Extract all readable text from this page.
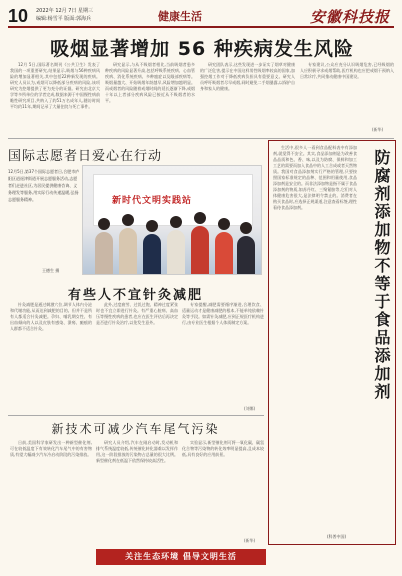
10 2022年 12月 7日 星期三
编辑:杨雪平 版面:郭海兵	健康生活	安徽科技报
吸烟显著增加 56 种疾病发生风险

12月 5日,国际著名期刊《公共卫生》发表了我国的一项重要研究,结果显示,吸烟与56种疾病风险的增加显著相关,其中包括22种新发现的疾病。研究人员认为,戒烟可以降低部分疾病的风险,该项研究为控烟提供了更为充分的证据。研究由北京大学等多所单位的学者完成,数据来源于中国慢性病前瞻性研究项目,共纳入了约51万名成年人,随访时间平均约11年,期间记录了大量住院与死亡事件。

研究显示,与从不吸烟者相比,当前吸烟者患多种疾病的风险显著升高,包括呼吸系统疾病、心血管疾病、消化系统疾病、多种癌症以及眼部疾病等。吸烟量越大、开始吸烟年龄越早,风险增加越明显。而戒烟者的风险随着戒烟时间的延长逐渐下降,戒烟十年以上者部分疾病风险已接近从不吸烟者的水平。

研究团队表示,这些发现进一步证实了烟草对健康的广泛危害,提示在中国这样男性吸烟率较高的国家,加强控烟工作对于降低疾病负担具有重要意义。研究人员呼吁吸烟者尽早戒烟,同时避免二手烟暴露,以保护自身和家人的健康。

专家建议,公众应充分认识吸烟危害,已经吸烟的人应积极寻求戒烟帮助,医疗机构也应把戒烟干预纳入日常诊疗,共同推动健康中国建设。

(新华)
国际志愿者日爱心在行动
12月5日,第37个国际志愿者日,合肥市庐阳区逍遥津街道开展志愿服务活动,志愿者们走进社区,为居民提供健康咨询、义务理发等服务,用实际行动传递温暖,弘扬志愿服务精神。
王德生 摄
新时代文明实践站
有些人不宜针灸减肥

针灸减肥是通过刺激穴位,调节人体内分泌和代谢功能,从而达到减肥的目的。但并不是所有人都适合针灸减肥。孕妇、哺乳期女性、有出血倾向的人以及皮肤有感染、溃疡、瘢痕的人群都不适合针灸。

此外,过度疲劳、过饥过饱、精神过度紧张时也不宜立即进行针灸。有严重心脏病、高血压等慢性疾病的患者,也应在医生评估后再决定是否进行针灸治疗,以免发生意外。

专家提醒,减肥需要循序渐进,合理饮食、适量运动才是健康减肥的根本,不能单纯依赖针灸等手段。如需针灸减肥,应到正规医疗机构进行,由专业医生根据个人体质制定方案。

(刘娜)
新技术可减少汽车尾气污染

日前,美国科学家研发出一种新型催化剂,可在较低温度下有效转化汽车尾气中的有害物质,有望大幅减少汽车冷启动阶段的污染排放。

研究人员介绍,汽车在刚启动时,发动机和排气系统温度较低,传统催化转化器难以发挥作用,这一阶段排放的污染物占总量的很大比例。新型催化剂在低温下依然保持较高活性。

实验显示,新型催化剂可将一氧化碳、碳氢化合物等污染物的转化效率明显提高,且成本较低,具有良好的应用前景。

(新华)

生活中,很多人一看到食品配料表中有添加剂,就觉得不安全。其实,食品添加剂是为改善食品品质和色、香、味,以及为防腐、保鲜和加工工艺的需要而加入食品中的人工合成或者天然物质。我国对食品添加剂实行严格的管理,只要按照国家标准规定的品种、范围和用量使用,食品添加剂是安全的。而非法添加物是指不属于食品添加剂的物质,如苏丹红、三聚氰胺等,它们对人体健康危害很大,是法律明令禁止的。消费者在购买食品时,应选择正规渠道,注意查看标签,理性看待食品添加剂。	防腐剂添加物不等于食品添加剂
(科普中国)
关注生态环境 倡导文明生活
